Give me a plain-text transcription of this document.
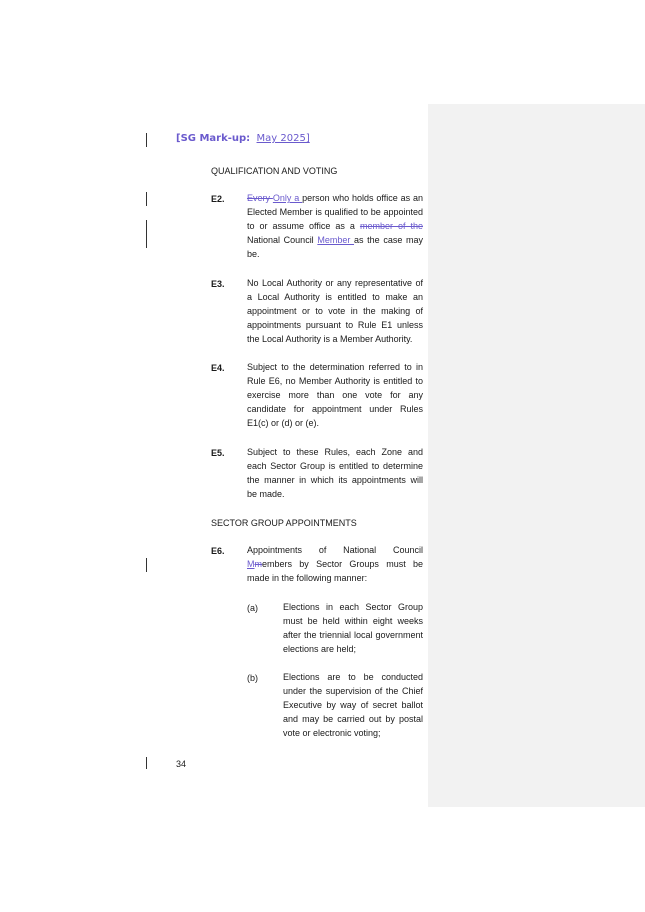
[SG Mark-up: May 2025]
QUALIFICATION AND VOTING
E2. Every Only a person who holds office as an Elected Member is qualified to be appointed to or assume office as a member of the National Council Member as the case may be.
E3. No Local Authority or any representative of a Local Authority is entitled to make an appointment or to vote in the making of appointments pursuant to Rule E1 unless the Local Authority is a Member Authority.
E4. Subject to the determination referred to in Rule E6, no Member Authority is entitled to exercise more than one vote for any candidate for appointment under Rules E1(c) or (d) or (e).
E5. Subject to these Rules, each Zone and each Sector Group is entitled to determine the manner in which its appointments will be made.
SECTOR GROUP APPOINTMENTS
E6. Appointments of National Council Mmembers by Sector Groups must be made in the following manner:
(a)	Elections in each Sector Group must be held within eight weeks after the triennial local government elections are held;
(b)	Elections are to be conducted under the supervision of the Chief Executive by way of secret ballot and may be carried out by postal vote or electronic voting;
34
